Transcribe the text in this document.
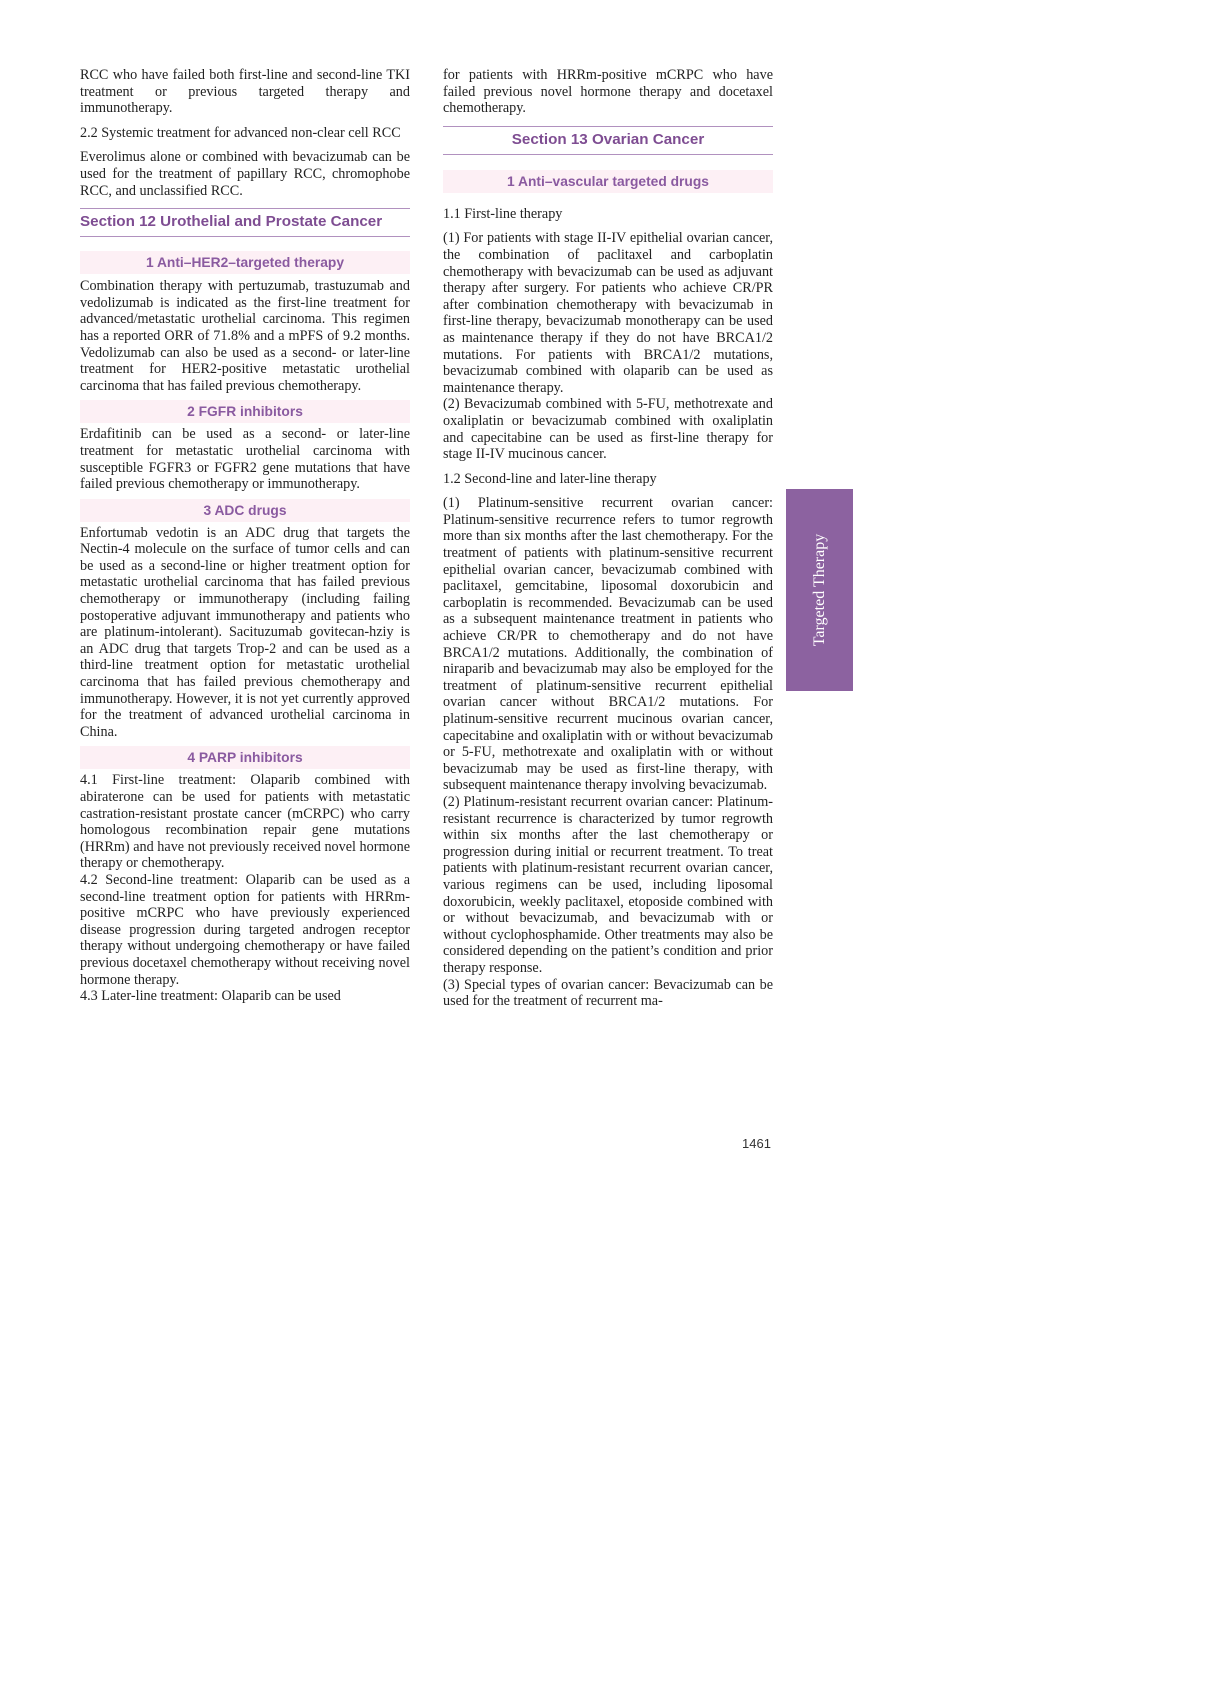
RCC who have failed both first-line and second-line TKI treatment or previous targeted therapy and immunotherapy.

2.2 Systemic treatment for advanced non-clear cell RCC

Everolimus alone or combined with bevacizumab can be used for the treatment of papillary RCC, chromophobe RCC, and unclassified RCC.

Section 12 Urothelial and Prostate Cancer
1 Anti–HER2–targeted therapy

Combination therapy with pertuzumab, trastuzumab and vedolizumab is indicated as the first-line treatment for advanced/metastatic urothelial carcinoma. This regimen has a reported ORR of 71.8% and a mPFS of 9.2 months. Vedolizumab can also be used as a second- or later-line treatment for HER2-positive metastatic urothelial carcinoma that has failed previous chemotherapy.

2 FGFR inhibitors

Erdafitinib can be used as a second- or later-line treatment for metastatic urothelial carcinoma with susceptible FGFR3 or FGFR2 gene mutations that have failed previous chemotherapy or immunotherapy.

3 ADC drugs

Enfortumab vedotin is an ADC drug that targets the Nectin-4 molecule on the surface of tumor cells and can be used as a second-line or higher treatment option for metastatic urothelial carcinoma that has failed previous chemotherapy or immunotherapy (including failing postoperative adjuvant immunotherapy and patients who are platinum-intolerant). Sacituzumab govitecan-hziy is an ADC drug that targets Trop-2 and can be used as a third-line treatment option for metastatic urothelial carcinoma that has failed previous chemotherapy and immunotherapy. However, it is not yet currently approved for the treatment of advanced urothelial carcinoma in China.

4 PARP inhibitors

4.1 First-line treatment: Olaparib combined with abiraterone can be used for patients with metastatic castration-resistant prostate cancer (mCRPC) who carry homologous recombination repair gene mutations (HRRm) and have not previously received novel hormone therapy or chemotherapy.

4.2 Second-line treatment: Olaparib can be used as a second-line treatment option for patients with HRRm-positive mCRPC who have previously experienced disease progression during targeted androgen receptor therapy without undergoing chemotherapy or have failed previous docetaxel chemotherapy without receiving novel hormone therapy.

4.3 Later-line treatment: Olaparib can be used

for patients with HRRm-positive mCRPC who have failed previous novel hormone therapy and docetaxel chemotherapy.

Section 13 Ovarian Cancer
1 Anti–vascular targeted drugs

1.1 First-line therapy

(1) For patients with stage II-IV epithelial ovarian cancer, the combination of paclitaxel and carboplatin chemotherapy with bevacizumab can be used as adjuvant therapy after surgery. For patients who achieve CR/PR after combination chemotherapy with bevacizumab in first-line therapy, bevacizumab monotherapy can be used as maintenance therapy if they do not have BRCA1/2 mutations. For patients with BRCA1/2 mutations, bevacizumab combined with olaparib can be used as maintenance therapy.

(2) Bevacizumab combined with 5-FU, methotrexate and oxaliplatin or bevacizumab combined with oxaliplatin and capecitabine can be used as first-line therapy for stage II-IV mucinous cancer.

1.2 Second-line and later-line therapy

(1) Platinum-sensitive recurrent ovarian cancer: Platinum-sensitive recurrence refers to tumor regrowth more than six months after the last chemotherapy. For the treatment of patients with platinum-sensitive recurrent epithelial ovarian cancer, bevacizumab combined with paclitaxel, gemcitabine, liposomal doxorubicin and carboplatin is recommended. Bevacizumab can be used as a subsequent maintenance treatment in patients who achieve CR/PR to chemotherapy and do not have BRCA1/2 mutations. Additionally, the combination of niraparib and bevacizumab may also be employed for the treatment of platinum-sensitive recurrent epithelial ovarian cancer without BRCA1/2 mutations. For platinum-sensitive recurrent mucinous ovarian cancer, capecitabine and oxaliplatin with or without bevacizumab or 5-FU, methotrexate and oxaliplatin with or without bevacizumab may be used as first-line therapy, with subsequent maintenance therapy involving bevacizumab.

(2) Platinum-resistant recurrent ovarian cancer: Platinum-resistant recurrence is characterized by tumor regrowth within six months after the last chemotherapy or progression during initial or recurrent treatment. To treat patients with platinum-resistant recurrent ovarian cancer, various regimens can be used, including liposomal doxorubicin, weekly paclitaxel, etoposide combined with or without bevacizumab, and bevacizumab with or without cyclophosphamide. Other treatments may also be considered depending on the patient’s condition and prior therapy response.

(3) Special types of ovarian cancer: Bevacizumab can be used for the treatment of recurrent ma-

Targeted Therapy
1461
